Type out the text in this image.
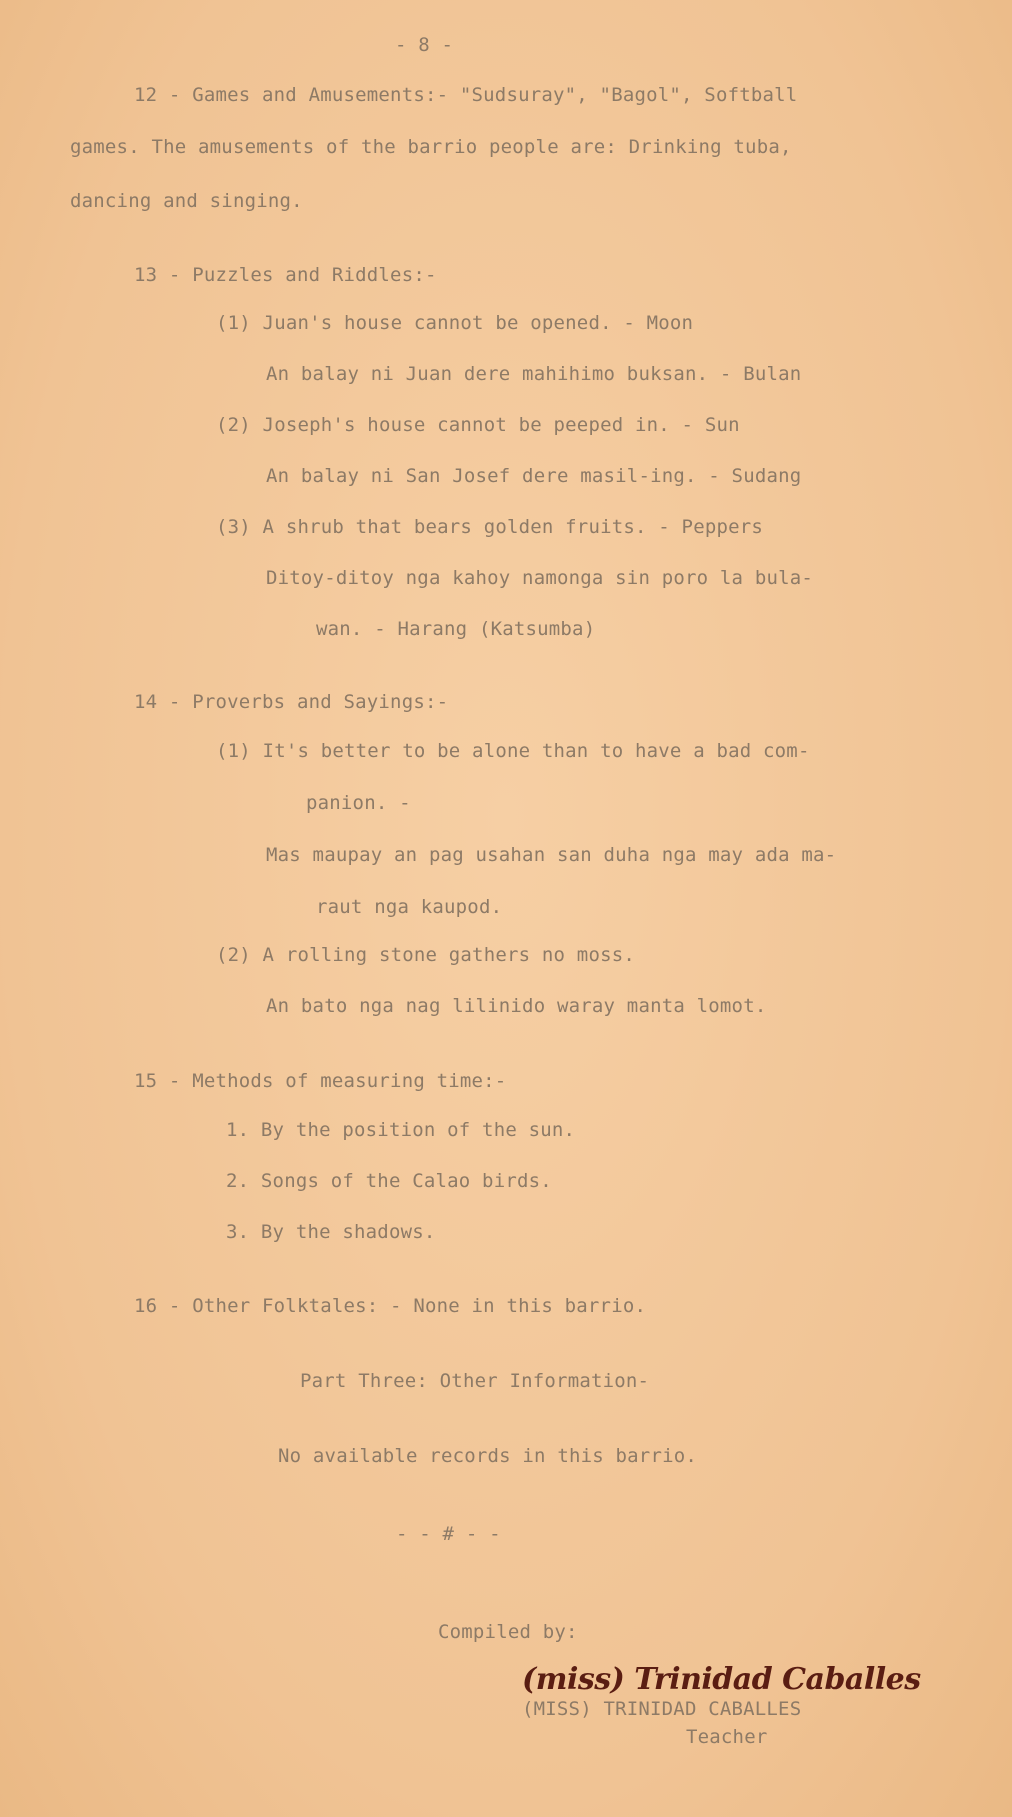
- 8 -
12 - Games and Amusements:- "Sudsuray", "Bagol", Softball
games. The amusements of the barrio people are: Drinking tuba,
dancing and singing.
13 - Puzzles and Riddles:-
(1) Juan's house cannot be opened. - Moon
An balay ni Juan dere mahihimo buksan. - Bulan
(2) Joseph's house cannot be peeped in. - Sun
An balay ni San Josef dere masil-ing. - Sudang
(3) A shrub that bears golden fruits. - Peppers
Ditoy-ditoy nga kahoy namonga sin poro la bula-
wan. - Harang (Katsumba)
14 - Proverbs and Sayings:-
(1) It's better to be alone than to have a bad com-
panion. -
Mas maupay an pag usahan san duha nga may ada ma-
raut nga kaupod.
(2) A rolling stone gathers no moss.
An bato nga nag lilinido waray manta lomot.
15 - Methods of measuring time:-
1. By the position of the sun.
2. Songs of the Calao birds.
3. By the shadows.
16 - Other Folktales: - None in this barrio.
Part Three: Other Information-
No available records in this barrio.
- - # - -
Compiled by:
(miss) Trinidad Caballes
(MISS) TRINIDAD CABALLES
Teacher
